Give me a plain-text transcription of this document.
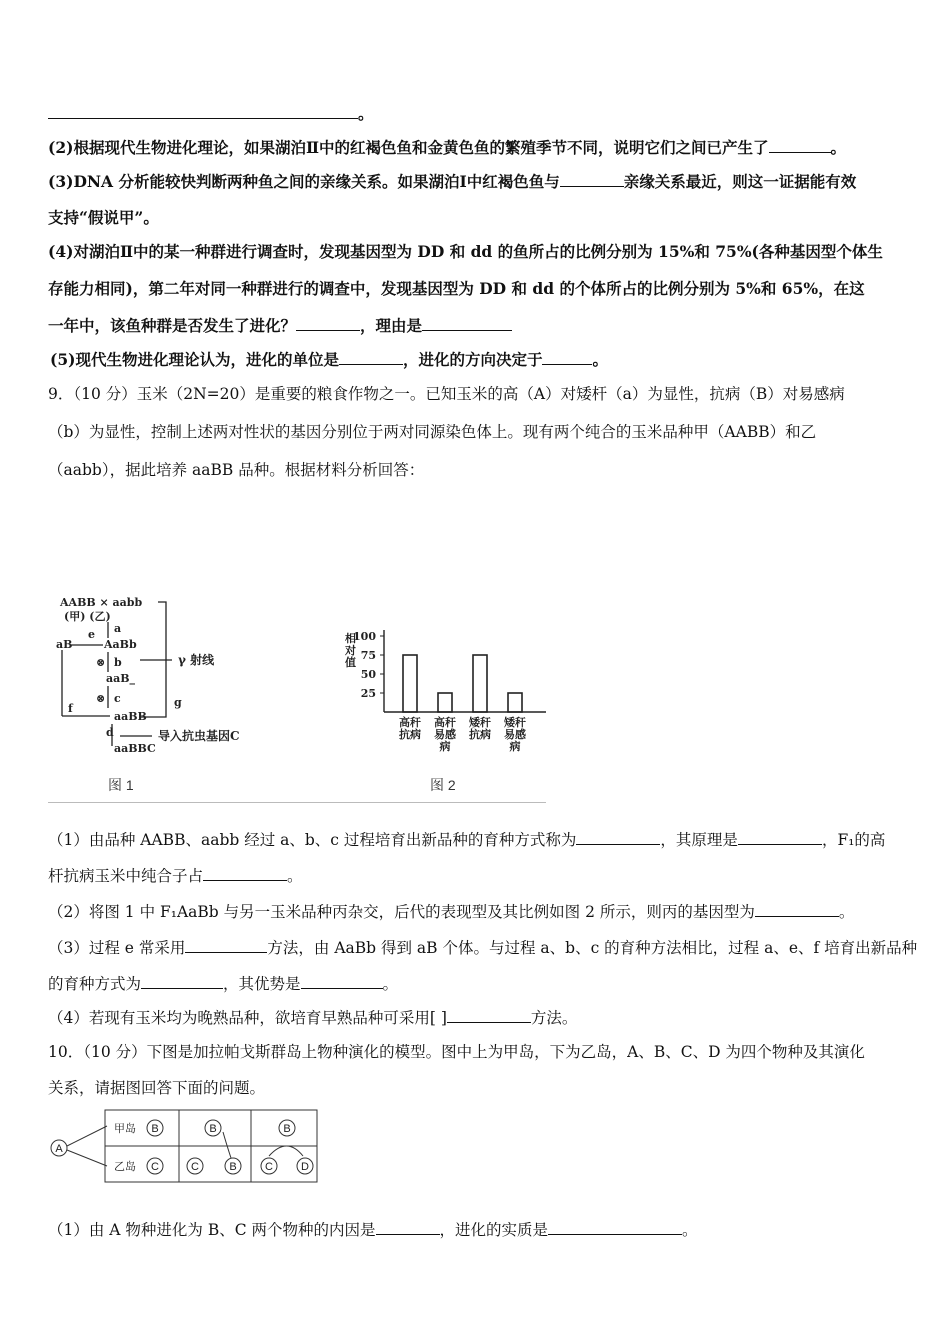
。
(2)根据现代生物进化理论，如果湖泊Ⅱ中的红褐色鱼和金黄色鱼的繁殖季节不同，说明它们之间已产生了	。
(3)DNA 分析能较快判断两种鱼之间的亲缘关系。如果湖泊Ⅰ中红褐色鱼与	亲缘关系最近，则这一证据能有效
支持“假说甲”。
(4)对湖泊Ⅱ中的某一种群进行调查时，发现基因型为 DD 和 dd 的鱼所占的比例分别为 15%和 75%(各种基因型个体生
存能力相同)，第二年对同一种群进行的调查中，发现基因型为 DD 和 dd 的个体所占的比例分别为 5%和 65%，在这
一年中，该鱼种群是否发生了进化？	，理由是
(5)现代生物进化理论认为，进化的单位是	，进化的方向决定于	。
9．（10 分）玉米（2N=20）是重要的粮食作物之一。已知玉米的高（A）对矮杆（a）为显性，抗病（B）对易感病
（b）为显性，控制上述两对性状的基因分别位于两对同源染色体上。现有两个纯合的玉米品种甲（AABB）和乙
（aabb），据此培养 aaBB 品种。根据材料分析回答：
AABB × aabb
(甲) (乙)
aB
e a
AaBb
⊗ b
aaB_
⊗ c
aaBB
d
aaBBC
f	g
γ 射线
导入抗虫基因C
图 1
相
对
值
100
75
50
25
高秆
抗病
高秆
易感
病
矮秆
抗病
矮秆
易感
病
图 2
（1）由品种 AABB、aabb 经过 a、b、c 过程培育出新品种的育种方式称为	，其原理是	，F₁的高
杆抗病玉米中纯合子占	。
（2）将图 1 中 F₁AaBb 与另一玉米品种丙杂交，后代的表现型及其比例如图 2 所示，则丙的基因型为	。
（3）过程 e 常采用	方法，由 AaBb 得到 aB 个体。与过程 a、b、c 的育种方法相比，过程 a、e、f 培育出新品种
的育种方式为	，其优势是	。
（4）若现有玉米均为晚熟品种，欲培育早熟品种可采用[ ]	方法。
10．（10 分）下图是加拉帕戈斯群岛上物种演化的模型。图中上为甲岛，下为乙岛，A、B、C、D 为四个物种及其演化
关系，请据图回答下面的问题。
A
甲岛
乙岛
B
C
B
C	B
B
C	D
（1）由 A 物种进化为 B、C 两个物种的内因是	，进化的实质是	。
